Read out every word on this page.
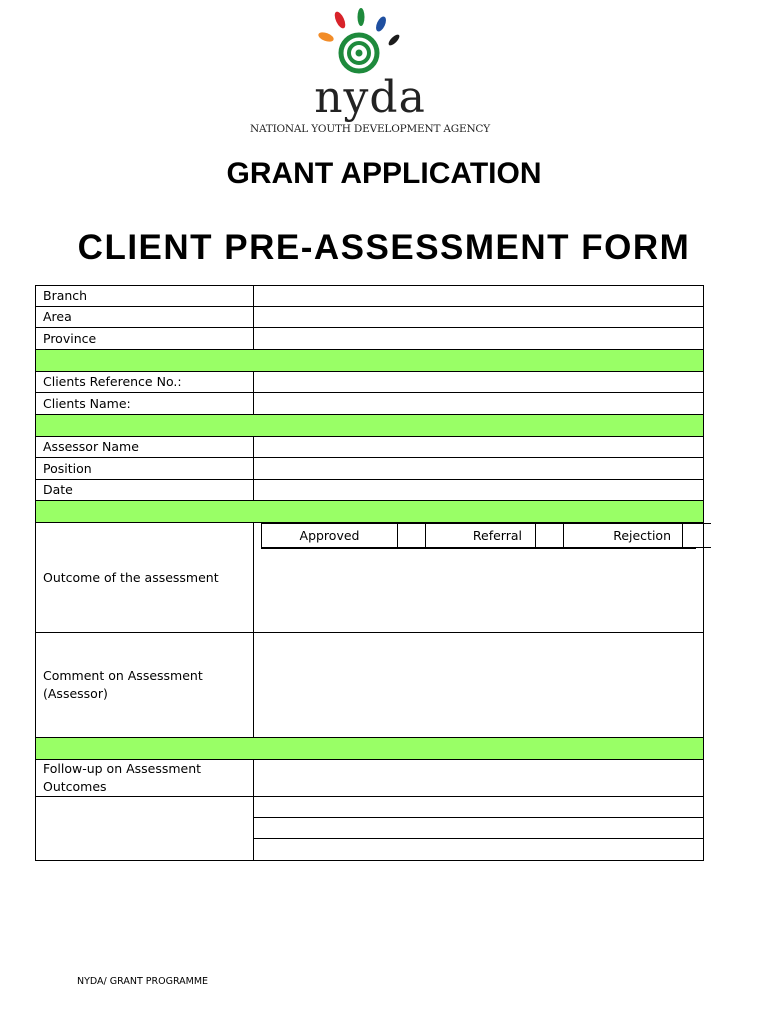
nyda
NATIONAL YOUTH DEVELOPMENT AGENCY
GRANT APPLICATION
CLIENT PRE-ASSESSMENT FORM
Branch	
Area	
Province	

Clients Reference No.:	
Clients Name:	

Assessor Name	
Position	
Date	

Outcome of the assessment	
Approved		Referral		Rejection	

Comment on Assessment
(Assessor)

Follow-up on Assessment
Outcomes

NYDA/ GRANT PROGRAMME
